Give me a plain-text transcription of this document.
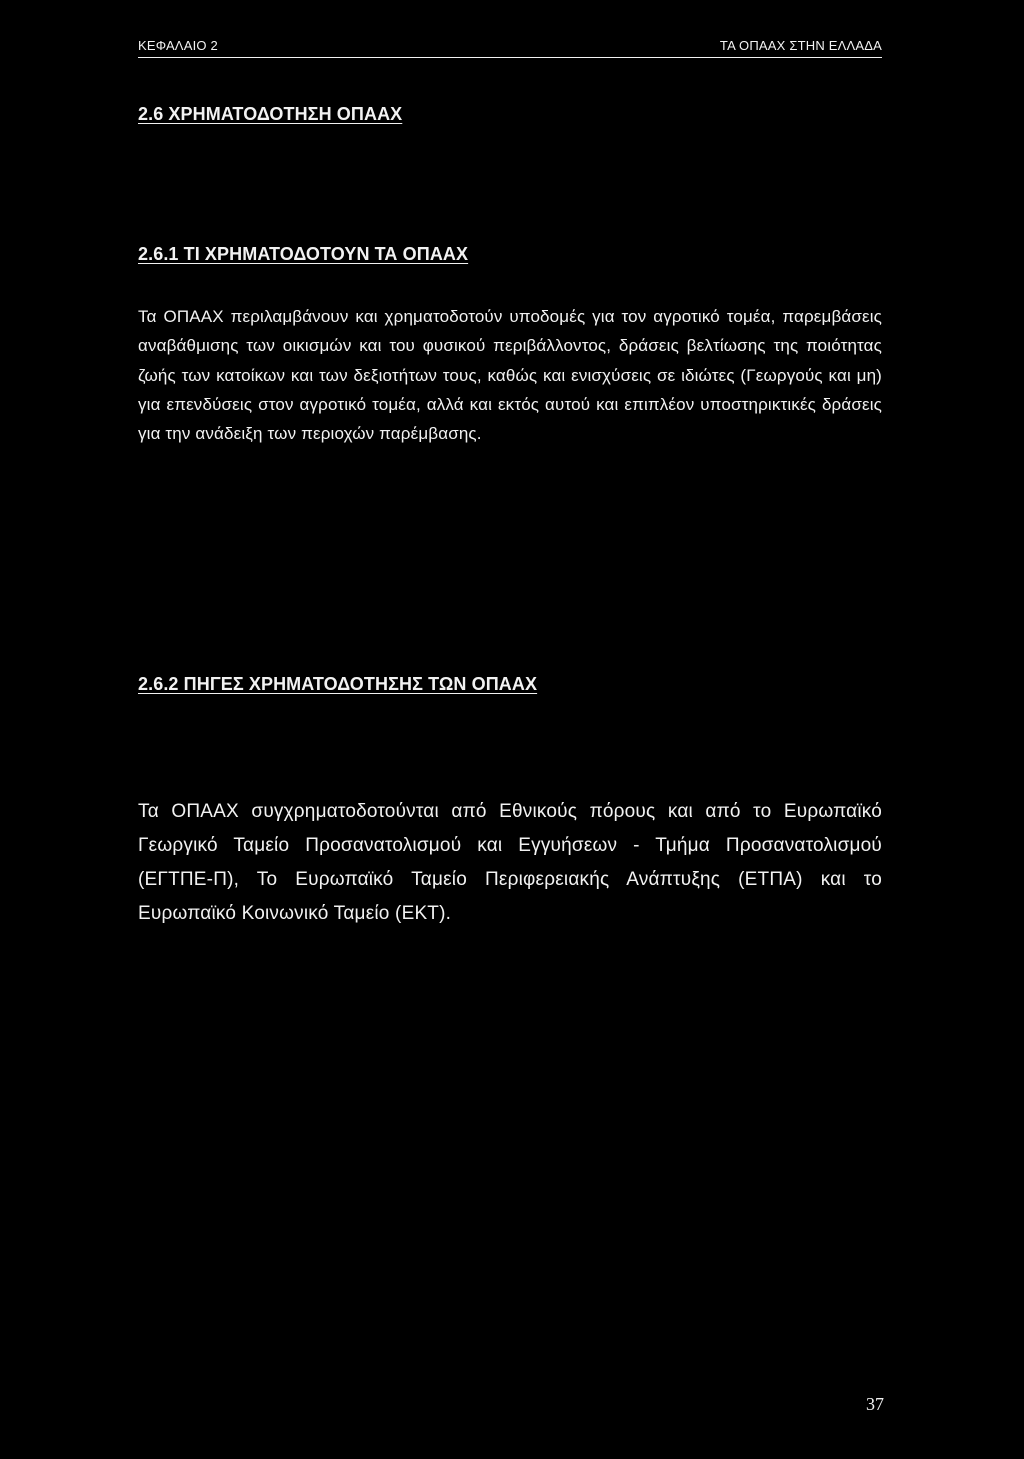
ΚΕΦΑΛΑΙΟ 2	ΤΑ ΟΠΑΑΧ ΣΤΗΝ ΕΛΛΑΔΑ
2.6 ΧΡΗΜΑΤΟΔΟΤΗΣΗ ΟΠΑΑΧ
2.6.1 ΤΙ ΧΡΗΜΑΤΟΔΟΤΟΥΝ ΤΑ ΟΠΑΑΧ

Τα ΟΠΑΑΧ περιλαμβάνουν και χρηματοδοτούν υποδομές για τον αγροτικό τομέα, παρεμβάσεις αναβάθμισης των οικισμών και του φυσικού περιβάλλοντος, δράσεις βελτίωσης της ποιότητας ζωής των κατοίκων και των δεξιοτήτων τους, καθώς και ενισχύσεις σε ιδιώτες (Γεωργούς και μη) για επενδύσεις στον αγροτικό τομέα, αλλά και εκτός αυτού και επιπλέον υποστηρικτικές δράσεις για την ανάδειξη των περιοχών παρέμβασης.

2.6.2 ΠΗΓΕΣ ΧΡΗΜΑΤΟΔΟΤΗΣΗΣ ΤΩΝ ΟΠΑΑΧ

Τα ΟΠΑΑΧ συγχρηματοδοτούνται από Εθνικούς πόρους και από το Ευρωπαϊκό Γεωργικό Ταμείο Προσανατολισμού και Εγγυήσεων - Τμήμα Προσανατολισμού (ΕΓΤΠΕ-Π), Το Ευρωπαϊκό Ταμείο Περιφερειακής Ανάπτυξης (ΕΤΠΑ) και το Ευρωπαϊκό Κοινωνικό Ταμείο (ΕΚΤ).

37
